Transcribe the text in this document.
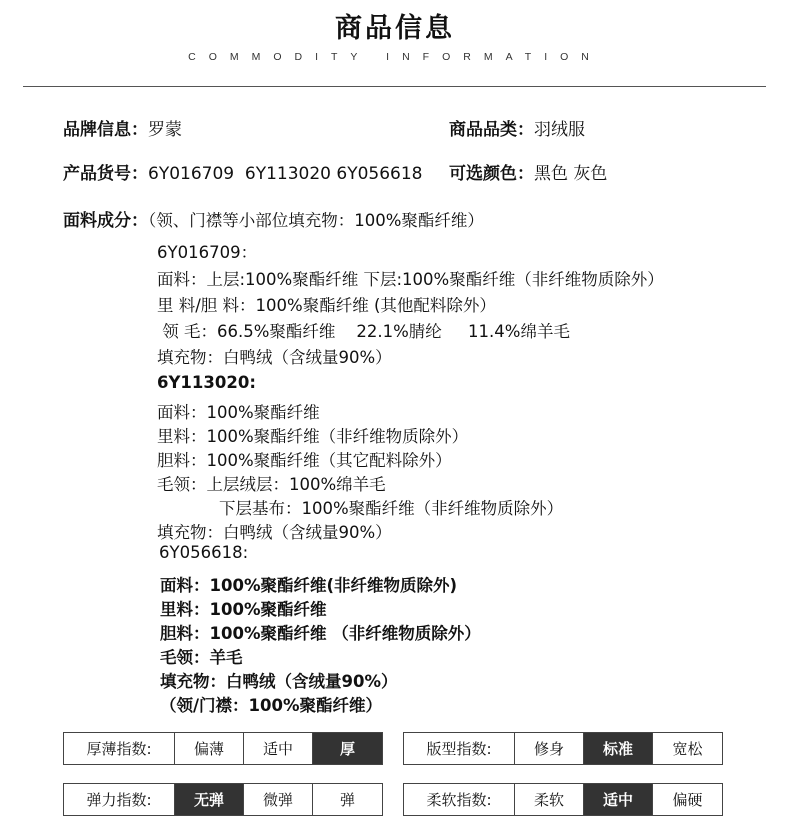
商品信息
COMMODITY INFORMATION
品牌信息：罗蒙	商品品类：羽绒服
产品货号：6Y016709  6Y113020 6Y056618 可选颜色：黑色 灰色
面料成分：（领、门襟等小部位填充物：100%聚酯纤维）
6Y016709：
面料：上层:100%聚酯纤维 下层:100%聚酯纤维（非纤维物质除外）
里 料/胆 料：100%聚酯纤维 (其他配料除外）
领 毛：66.5%聚酯纤维    22.1%腈纶     11.4%绵羊毛
填充物：白鸭绒（含绒量90%）
6Y113020:
面料：100%聚酯纤维
里料：100%聚酯纤维（非纤维物质除外）
胆料：100%聚酯纤维（其它配料除外）
毛领：上层绒层：100%绵羊毛
下层基布：100%聚酯纤维（非纤维物质除外）
填充物：白鸭绒（含绒量90%）
6Y056618:
面料：100%聚酯纤维(非纤维物质除外)
里料：100%聚酯纤维
胆料：100%聚酯纤维 （非纤维物质除外）
毛领：羊毛
填充物：白鸭绒（含绒量90%）
（领/门襟：100%聚酯纤维）
厚薄指数:	偏薄	适中	厚	版型指数:	修身	标准	宽松
弹力指数:	无弹	微弹	弹	柔软指数:	柔软	适中	偏硬
